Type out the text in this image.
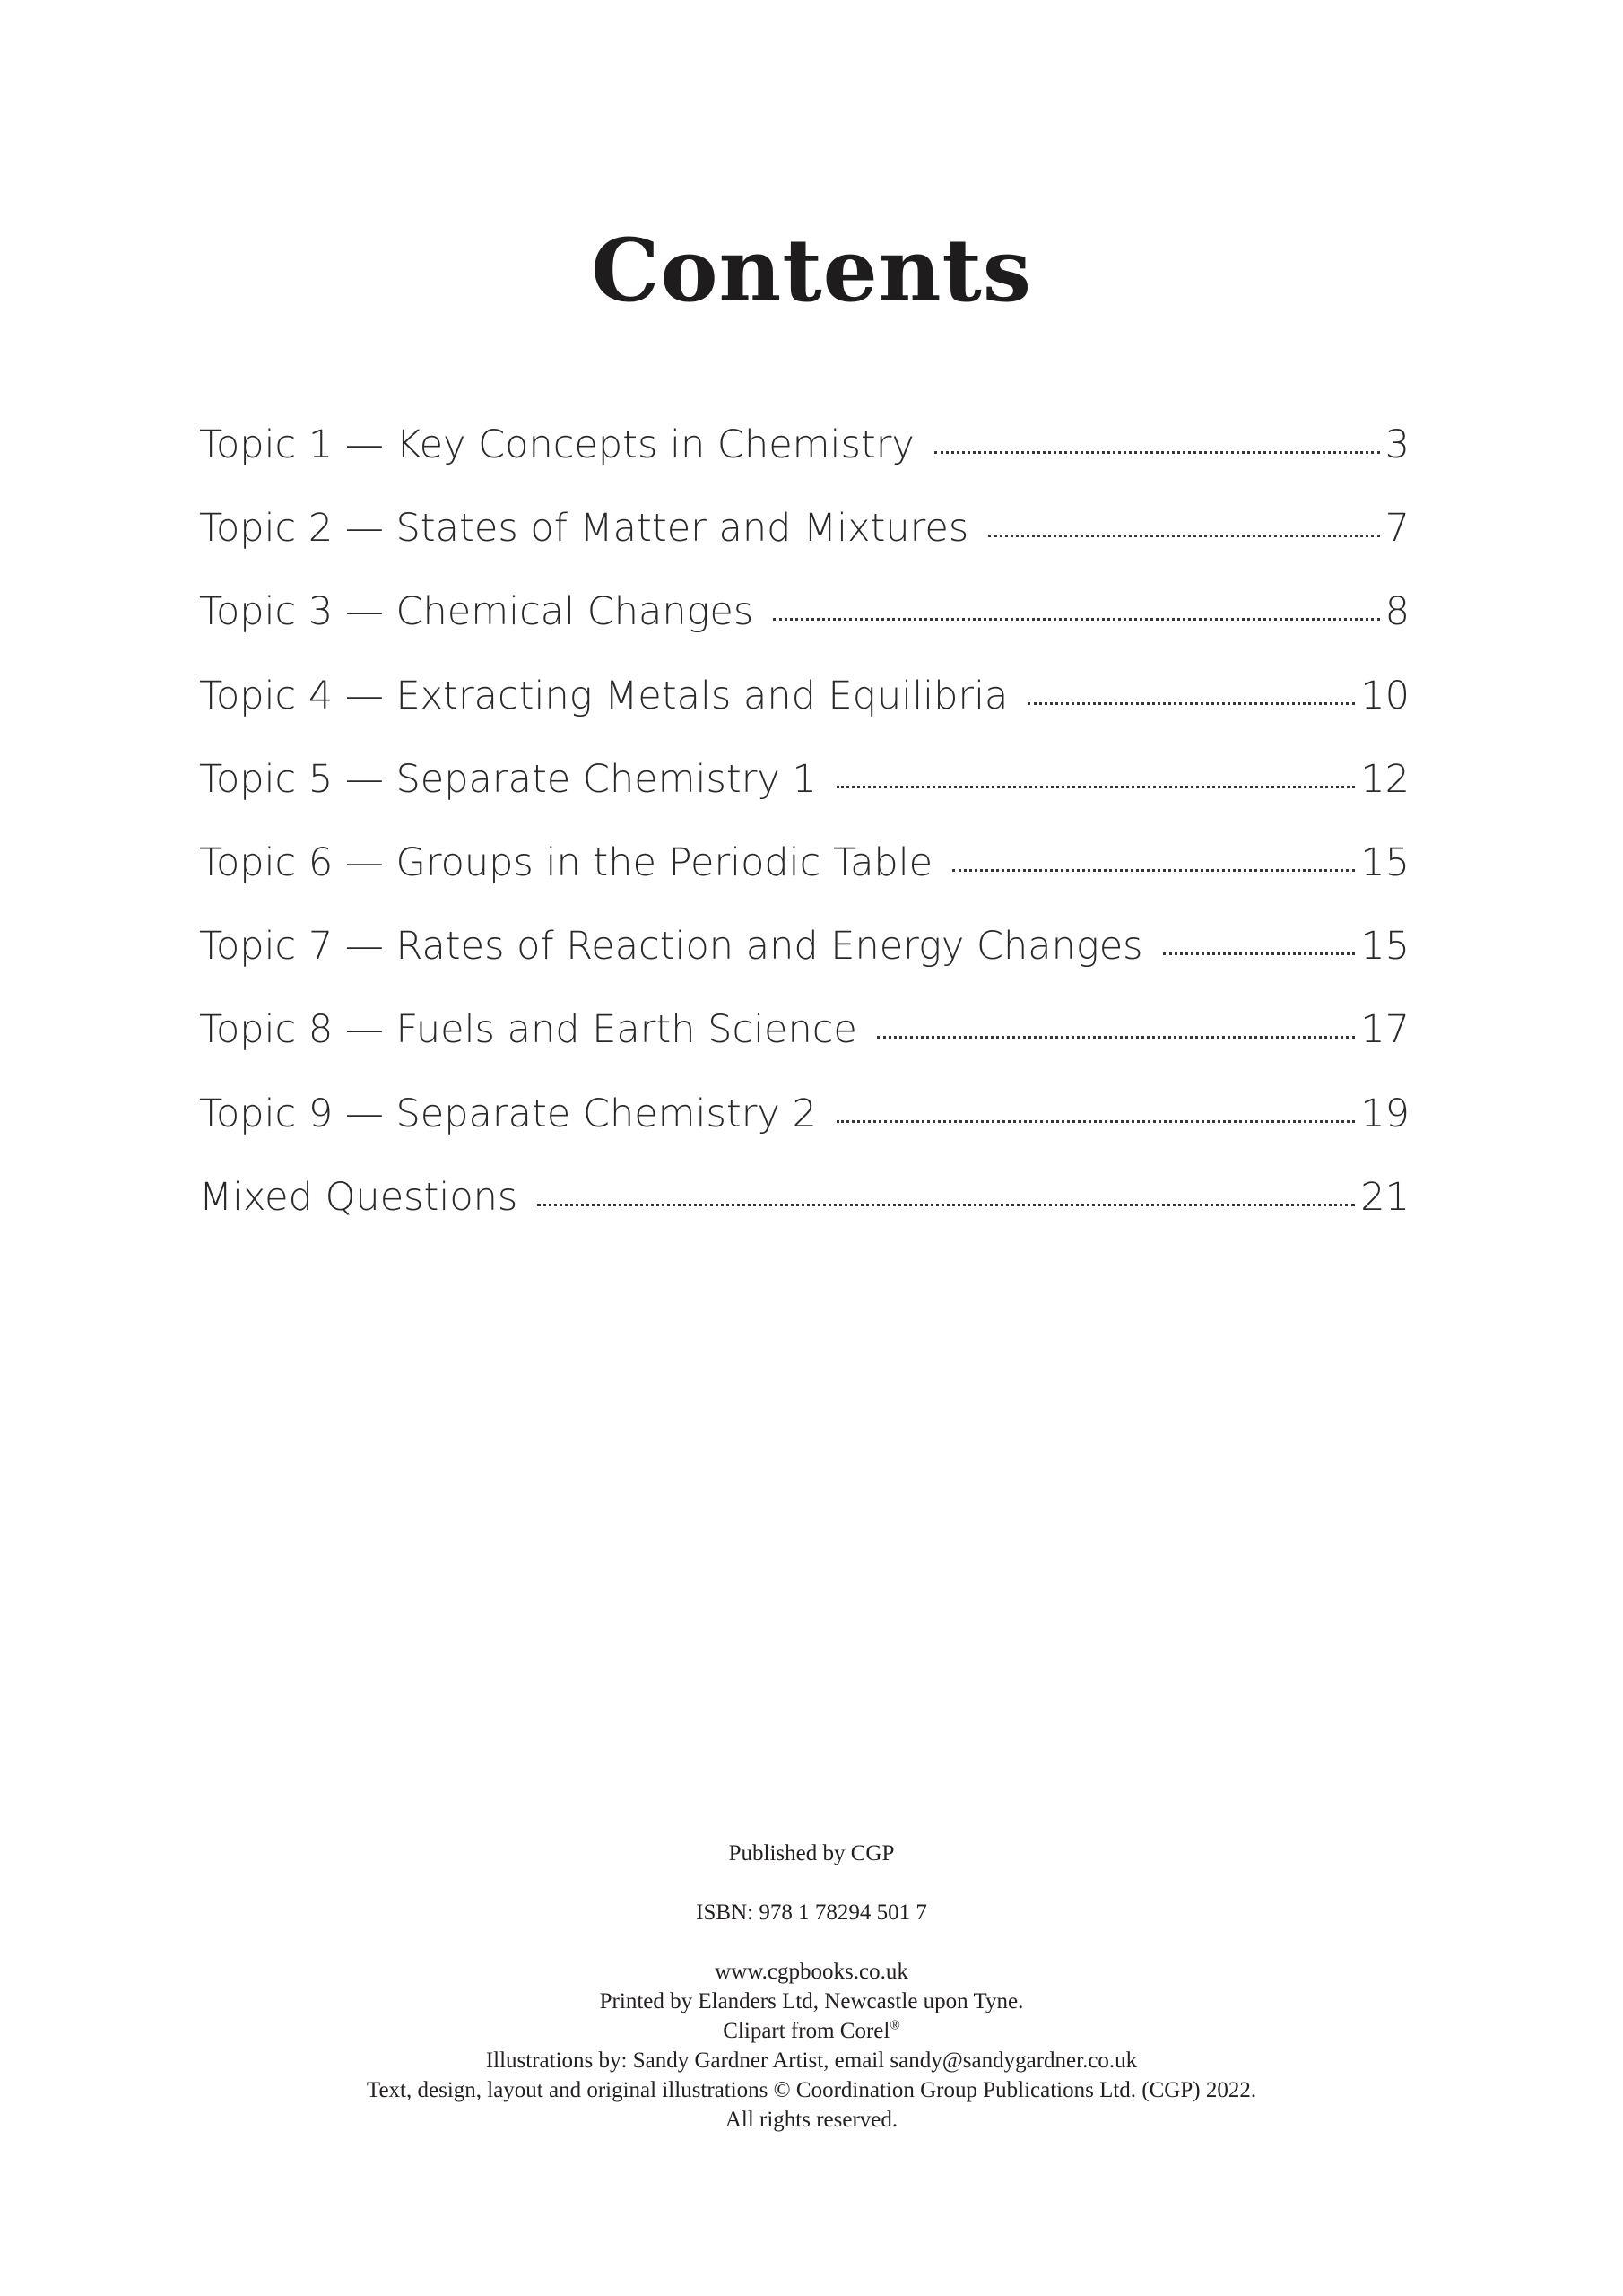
Contents
Topic 1 — Key Concepts in Chemistry	3
Topic 2 — States of Matter and Mixtures	7
Topic 3 — Chemical Changes	8
Topic 4 — Extracting Metals and Equilibria	10
Topic 5 — Separate Chemistry 1	12
Topic 6 — Groups in the Periodic Table	15
Topic 7 — Rates of Reaction and Energy Changes	15
Topic 8 — Fuels and Earth Science	17
Topic 9 — Separate Chemistry 2	19
Mixed Questions	21

Published by CGP

ISBN: 978 1 78294 501 7

www.cgpbooks.co.uk

Printed by Elanders Ltd, Newcastle upon Tyne.

Clipart from Corel®

Illustrations by: Sandy Gardner Artist, email sandy@sandygardner.co.uk

Text, design, layout and original illustrations © Coordination Group Publications Ltd. (CGP) 2022.

All rights reserved.
